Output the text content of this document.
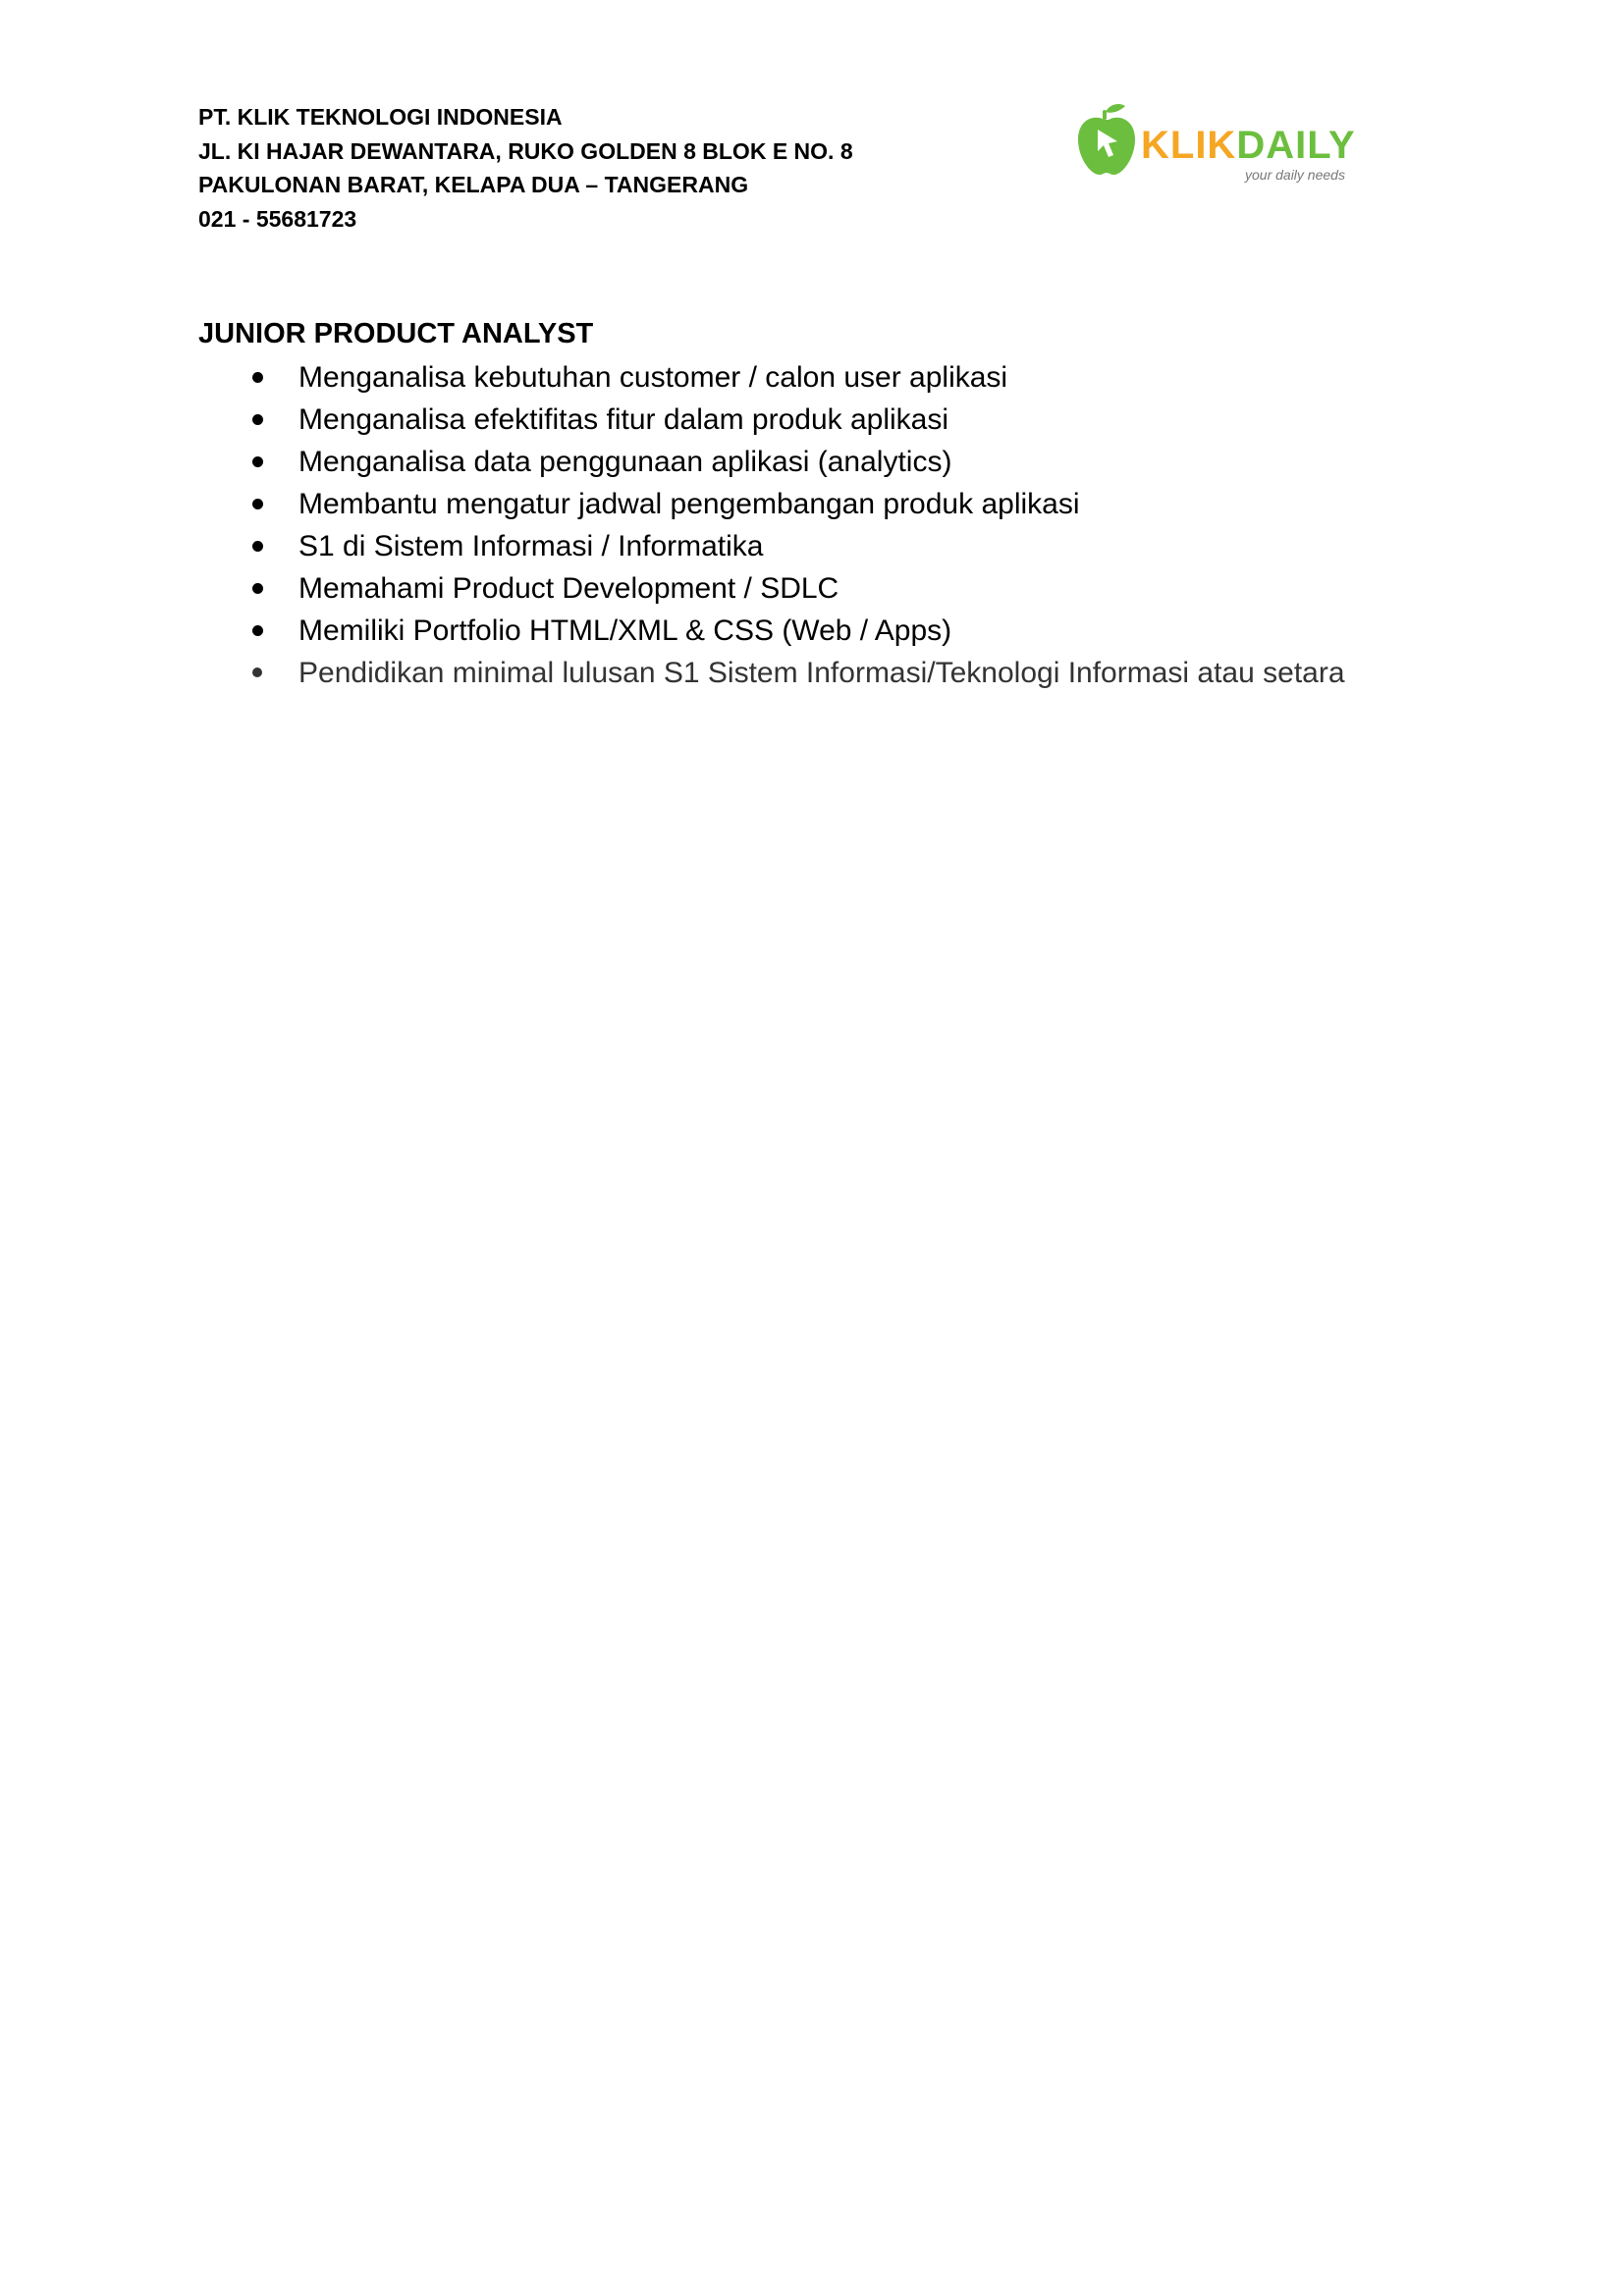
PT. KLIK TEKNOLOGI INDONESIA
JL. KI HAJAR DEWANTARA, RUKO GOLDEN 8 BLOK E NO. 8
PAKULONAN BARAT, KELAPA DUA – TANGERANG
021 - 55681723
KLIKDAILY
your daily needs
JUNIOR PRODUCT ANALYST
Menganalisa kebutuhan customer / calon user aplikasi
Menganalisa efektifitas fitur dalam produk aplikasi
Menganalisa data penggunaan aplikasi (analytics)
Membantu mengatur jadwal pengembangan produk aplikasi
S1 di Sistem Informasi / Informatika
Memahami Product Development / SDLC
Memiliki Portfolio HTML/XML & CSS (Web / Apps)
Pendidikan minimal lulusan S1 Sistem Informasi/Teknologi Informasi atau setara
